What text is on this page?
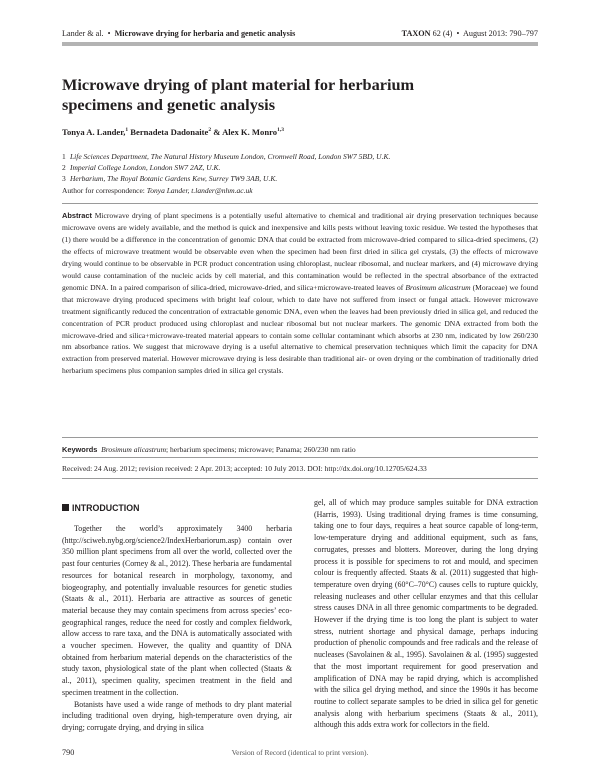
Lander & al. • Microwave drying for herbaria and genetic analysis	TAXON 62 (4) • August 2013: 790–797
Microwave drying of plant material for herbarium specimens and genetic analysis
Tonya A. Lander,$^1$ Bernadeta Dadonaite$^2$ & Alex K. Monro$^{1,3}$
1 Life Sciences Department, The Natural History Museum London, Cromwell Road, London SW7 5BD, U.K.
2 Imperial College London, London SW7 2AZ, U.K.
3 Herbarium, The Royal Botanic Gardens Kew, Surrey TW9 3AB, U.K.
Author for correspondence: Tonya Lander, t.lander@nhm.ac.uk

Abstract Microwave drying of plant specimens is a potentially useful alternative to chemical and traditional air drying preservation techniques because microwave ovens are widely available, and the method is quick and inexpensive and kills pests without leaving toxic residue. We tested the hypotheses that (1) there would be a difference in the concentration of genomic DNA that could be extracted from microwave-dried compared to silica-dried specimens, (2) the effects of microwave treatment would be observable even when the specimen had been first dried in silica gel crystals, (3) the effects of microwave drying would continue to be observable in PCR product concentration using chloroplast, nuclear ribosomal, and nuclear markers, and (4) microwave drying would cause contamination of the nucleic acids by cell material, and this contamination would be reflected in the spectral absorbance of the extracted genomic DNA. In a paired comparison of silica-dried, microwave-dried, and silica+microwave-treated leaves of Brosimum alicastrum (Moraceae) we found that microwave drying produced specimens with bright leaf colour, which to date have not suffered from insect or fungal attack. However microwave treatment significantly reduced the concentration of extractable genomic DNA, even when the leaves had been previously dried in silica gel, and reduced the concentration of PCR product produced using chloroplast and nuclear ribosomal but not nuclear markers. The genomic DNA extracted from both the microwave-dried and silica+microwave-treated material appears to contain some cellular contaminant which absorbs at 230 nm, indicated by low 260/230 nm absorbance ratios. We suggest that microwave drying is a useful alternative to chemical preservation techniques which limit the capacity for DNA extraction from preserved material. However microwave drying is less desirable than traditional air- or oven drying or the combination of traditionally dried herbarium specimens plus companion samples dried in silica gel crystals.

Keywords Brosimum alicastrum; herbarium specimens; microwave; Panama; 260/230 nm ratio

Received: 24 Aug. 2012; revision received: 2 Apr. 2013; accepted: 10 July 2013. DOI: http://dx.doi.org/10.12705/624.33

Together the world’s approximately 3400 herbaria (http://sciweb.nybg.org/science2/IndexHerbariorum.asp) contain over 350 million plant specimens from all over the world, collected over the past four centuries (Corney & al., 2012). These herbaria are fundamental resources for botanical research in morphology, taxonomy, and biogeography, and potentially invaluable resources for genetic studies (Staats & al., 2011). Herbaria are attractive as sources of genetic material because they may contain specimens from across species’ eco-geographical ranges, reduce the need for costly and complex fieldwork, allow access to rare taxa, and the DNA is automatically associated with a voucher specimen. However, the quality and quantity of DNA obtained from herbarium material depends on the characteristics of the study taxon, physiological state of the plant when collected (Staats & al., 2011), specimen quality, specimen treatment in the field and specimen treatment in the collection.

Botanists have used a wide range of methods to dry plant material including traditional oven drying, high-temperature oven drying, air drying; corrugate drying, and drying in silica

INTRODUCTION

gel, all of which may produce samples suitable for DNA extraction (Harris, 1993). Using traditional drying frames is time consuming, taking one to four days, requires a heat source capable of long-term, low-temperature drying and additional equipment, such as fans, corrugates, presses and blotters. Moreover, during the long drying process it is possible for specimens to rot and mould, and specimen colour is frequently affected. Staats & al. (2011) suggested that high-temperature oven drying (60°C–70°C) causes cells to rupture quickly, releasing nucleases and other cellular enzymes and that this cellular stress causes DNA in all three genomic compartments to be degraded. However if the drying time is too long the plant is subject to water stress, nutrient shortage and physical damage, perhaps inducing production of phenolic compounds and free radicals and the release of nucleases (Savolainen & al., 1995). Savolainen & al. (1995) suggested that the most important requirement for good preservation and amplification of DNA may be rapid drying, which is accomplished with the silica gel drying method, and since the 1990s it has become routine to collect separate samples to be dried in silica gel for genetic analysis along with herbarium specimens (Staats & al., 2011), although this adds extra work for collectors in the field.

790	Version of Record (identical to print version).
